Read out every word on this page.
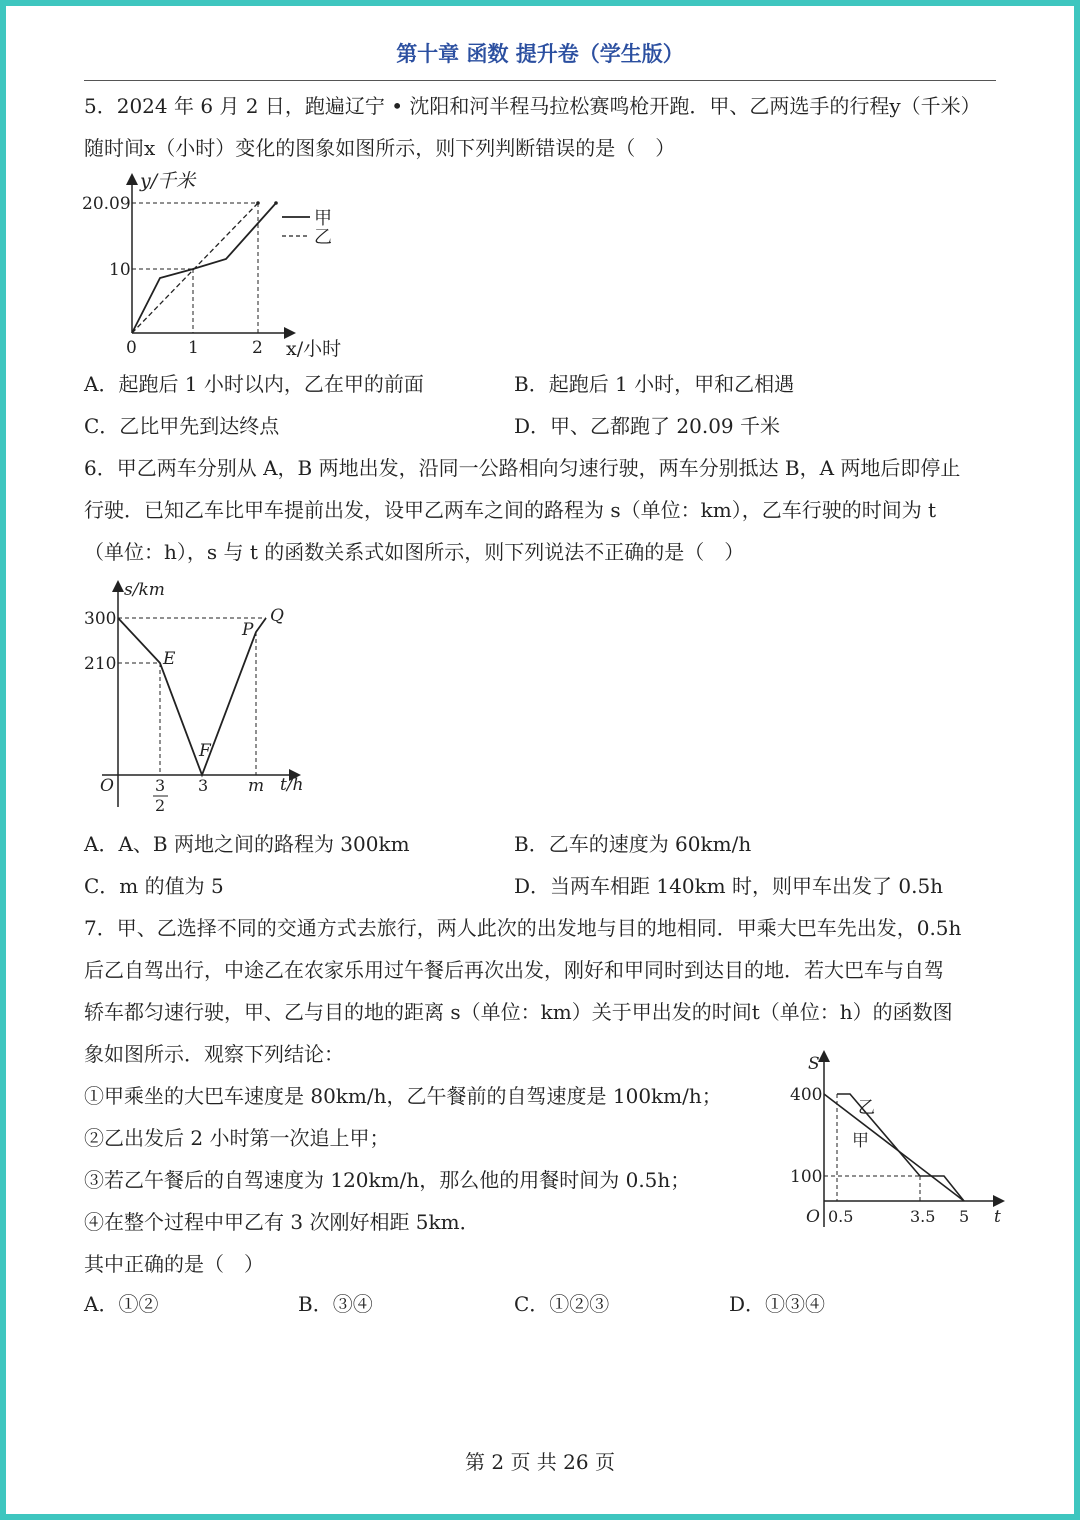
第十章 函数 提升卷（学生版）
5．2024 年 6 月 2 日，跑遍辽宁 • 沈阳和河半程马拉松赛鸣枪开跑．甲、乙两选手的行程y（千米）
随时间x（小时）变化的图象如图所示，则下列判断错误的是（　）
甲
乙
y/千米
x/小时
20.09
10
0	1	2
A．起跑后 1 小时以内，乙在甲的前面	B．起跑后 1 小时，甲和乙相遇
C．乙比甲先到达终点	D．甲、乙都跑了 20.09 千米
6．甲乙两车分别从 A，B 两地出发，沿同一公路相向匀速行驶，两车分别抵达 B，A 两地后即停止
行驶．已知乙车比甲车提前出发，设甲乙两车之间的路程为 s（单位：km），乙车行驶的时间为 t
（单位：h），s 与 t 的函数关系式如图所示，则下列说法不正确的是（　）
s/km
t/h
O
300
210
3
2
3 m
E
F
P
Q
A．A、B 两地之间的路程为 300km	B．乙车的速度为 60km/h
C．m 的值为 5	D．当两车相距 140km 时，则甲车出发了 0.5h
7．甲、乙选择不同的交通方式去旅行，两人此次的出发地与目的地相同．甲乘大巴车先出发，0.5h
后乙自驾出行，中途乙在农家乐用过午餐后再次出发，刚好和甲同时到达目的地．若大巴车与自驾
轿车都匀速行驶，甲、乙与目的地的距离 s（单位：km）关于甲出发的时间t（单位：h）的函数图
象如图所示．观察下列结论：
①甲乘坐的大巴车速度是 80km/h，乙午餐前的自驾速度是 100km/h；
②乙出发后 2 小时第一次追上甲；
③若乙午餐后的自驾速度为 120km/h，那么他的用餐时间为 0.5h；
④在整个过程中甲乙有 3 次刚好相距 5km．
其中正确的是（　）
S
t
O
400
100
0.5	3.5 5
乙
甲
A．①②	B．③④	C．①②③	D．①③④
第 2 页 共 26 页
